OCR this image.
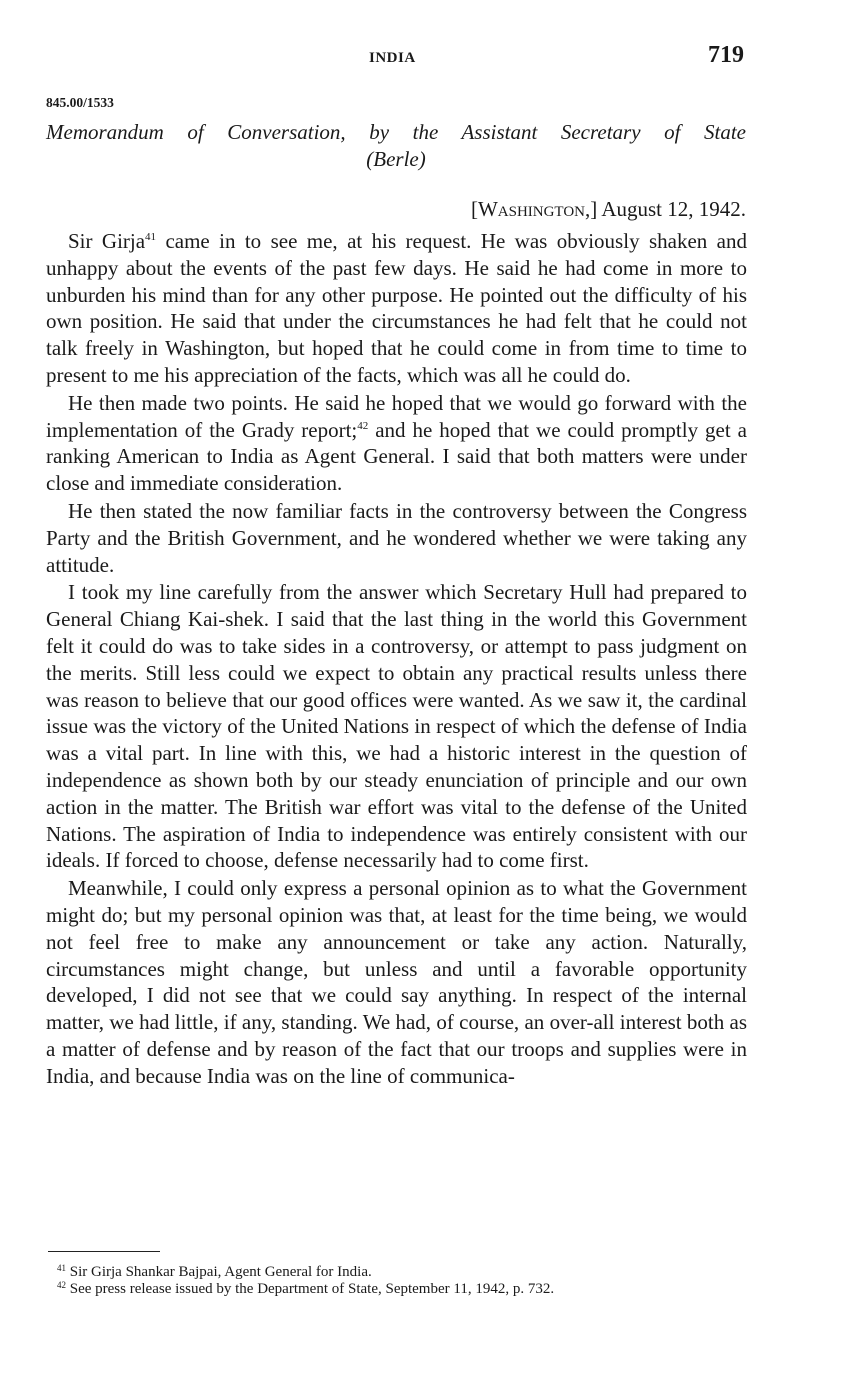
INDIA	719
845.00/1533
Memorandum of Conversation, by the Assistant Secretary of State
(Berle)
[Washington,] August 12, 1942.

Sir Girja$^{41}$ came in to see me, at his request. He was obviously shaken and unhappy about the events of the past few days. He said he had come in more to unburden his mind than for any other purpose. He pointed out the difficulty of his own position. He said that under the circumstances he had felt that he could not talk freely in Washington, but hoped that he could come in from time to time to present to me his appreciation of the facts, which was all he could do.

He then made two points. He said he hoped that we would go forward with the implementation of the Grady report;$^{42}$ and he hoped that we could promptly get a ranking American to India as Agent General. I said that both matters were under close and immediate consideration.

He then stated the now familiar facts in the controversy between the Congress Party and the British Government, and he wondered whether we were taking any attitude.

I took my line carefully from the answer which Secretary Hull had prepared to General Chiang Kai-shek. I said that the last thing in the world this Government felt it could do was to take sides in a controversy, or attempt to pass judgment on the merits. Still less could we expect to obtain any practical results unless there was reason to believe that our good offices were wanted. As we saw it, the cardinal issue was the victory of the United Nations in respect of which the defense of India was a vital part. In line with this, we had a historic interest in the question of independence as shown both by our steady enunciation of principle and our own action in the matter. The British war effort was vital to the defense of the United Nations. The aspiration of India to independence was entirely consistent with our ideals. If forced to choose, defense necessarily had to come first.

Meanwhile, I could only express a personal opinion as to what the Government might do; but my personal opinion was that, at least for the time being, we would not feel free to make any announcement or take any action. Naturally, circumstances might change, but unless and until a favorable opportunity developed, I did not see that we could say anything. In respect of the internal matter, we had little, if any, standing. We had, of course, an over-all interest both as a matter of defense and by reason of the fact that our troops and supplies were in India, and because India was on the line of communica-

$^{41}$ Sir Girja Shankar Bajpai, Agent General for India.

$^{42}$ See press release issued by the Department of State, September 11, 1942, p. 732.
